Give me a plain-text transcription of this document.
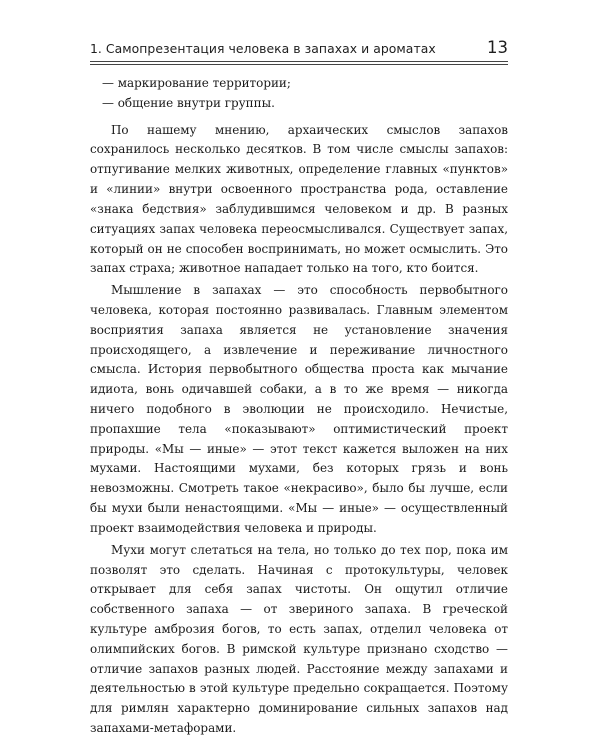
1. Самопрезентация человека в запахах и ароматах	13

— маркирование территории;

— общение внутри группы.

По нашему мнению, архаических смыслов запахов сохранилось несколько десятков. В том числе смыслы запахов: отпугивание мелких животных, определение главных «пунктов» и «линии» внутри освоенного пространства рода, оставление «знака бедствия» заблудившимся человеком и др. В разных ситуациях запах человека переосмысливался. Существует запах, который он не способен воспринимать, но может осмыслить. Это запах страха; животное нападает только на того, кто боится.

Мышление в запахах — это способность первобытного человека, которая постоянно развивалась. Главным элементом восприятия запаха является не установление значения происходящего, а извлечение и переживание личностного смысла. История первобытного общества проста как мычание идиота, вонь одичавшей собаки, а в то же время — никогда ничего подобного в эволюции не происходило. Нечистые, пропахшие тела «показывают» оптимистический проект природы. «Мы — иные» — этот текст кажется выложен на них мухами. Настоящими мухами, без которых грязь и вонь невозможны. Смотреть такое «некрасиво», было бы лучше, если бы мухи были ненастоящими. «Мы — иные» — осуществленный проект взаимодействия человека и природы.

Мухи могут слетаться на тела, но только до тех пор, пока им позволят это сделать. Начиная с протокультуры, человек открывает для себя запах чистоты. Он ощутил отличие собственного запаха — от звериного запаха. В греческой культуре амброзия богов, то есть запах, отделил человека от олимпийских богов. В римской культуре признано сходство — отличие запахов разных людей. Расстояние между запахами и деятельностью в этой культуре предельно сокращается. Поэтому для римлян характерно доминирование сильных запахов над запахами-метафорами.
